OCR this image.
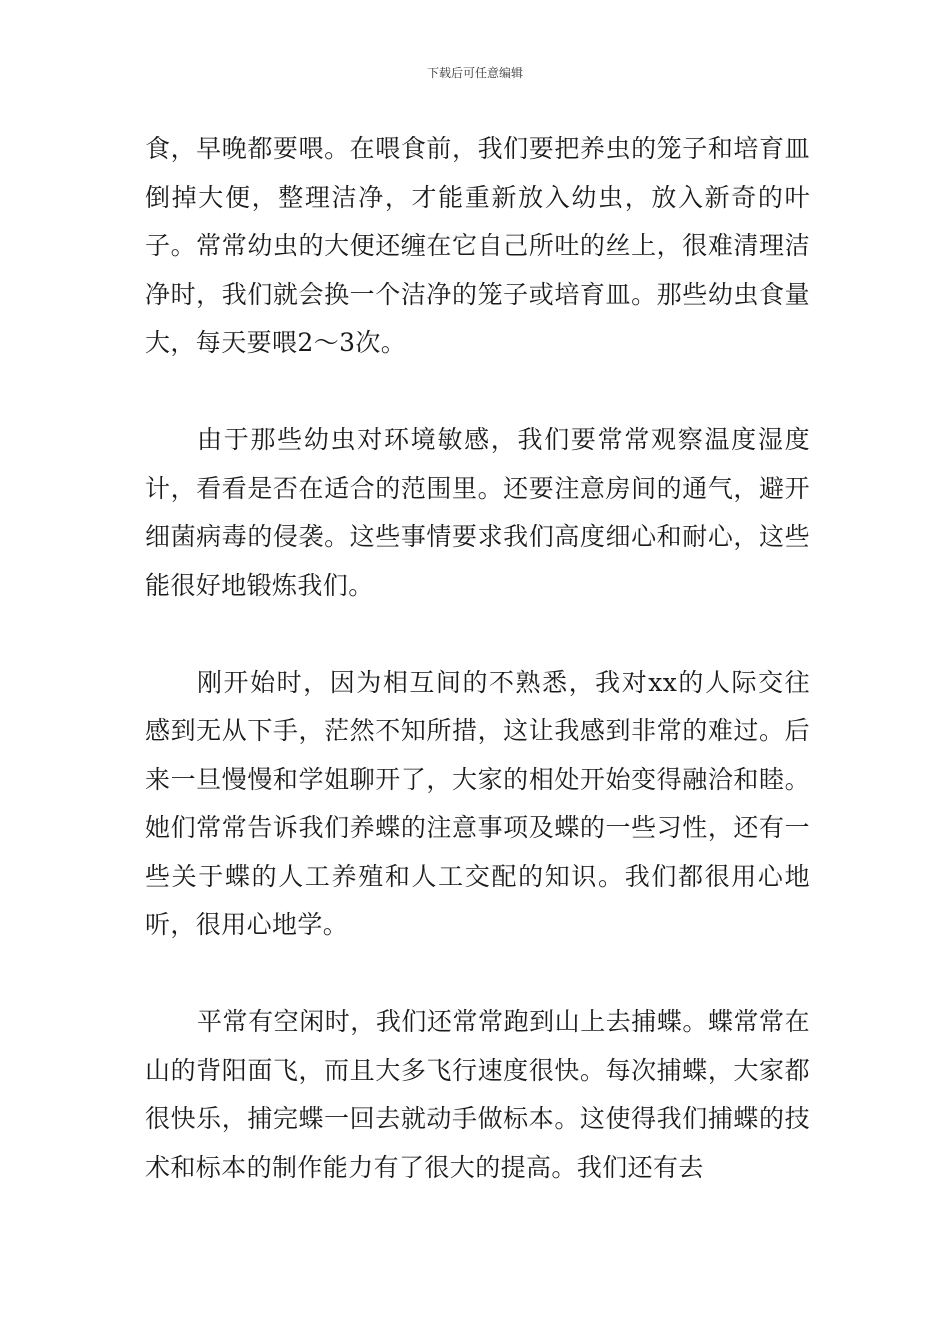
下载后可任意编辑

食，早晚都要喂。在喂食前，我们要把养虫的笼子和培育皿倒掉大便，整理洁净，才能重新放入幼虫，放入新奇的叶子。常常幼虫的大便还缠在它自己所吐的丝上，很难清理洁净时，我们就会换一个洁净的笼子或培育皿。那些幼虫食量大，每天要喂2～3次。

由于那些幼虫对环境敏感，我们要常常观察温度湿度计，看看是否在适合的范围里。还要注意房间的通气，避开细菌病毒的侵袭。这些事情要求我们高度细心和耐心，这些能很好地锻炼我们。

刚开始时，因为相互间的不熟悉，我对xx的人际交往感到无从下手，茫然不知所措，这让我感到非常的难过。后来一旦慢慢和学姐聊开了，大家的相处开始变得融洽和睦。她们常常告诉我们养蝶的注意事项及蝶的一些习性，还有一些关于蝶的人工养殖和人工交配的知识。我们都很用心地听，很用心地学。

平常有空闲时，我们还常常跑到山上去捕蝶。蝶常常在山的背阳面飞，而且大多飞行速度很快。每次捕蝶，大家都很快乐，捕完蝶一回去就动手做标本。这使得我们捕蝶的技术和标本的制作能力有了很大的提高。我们还有去
